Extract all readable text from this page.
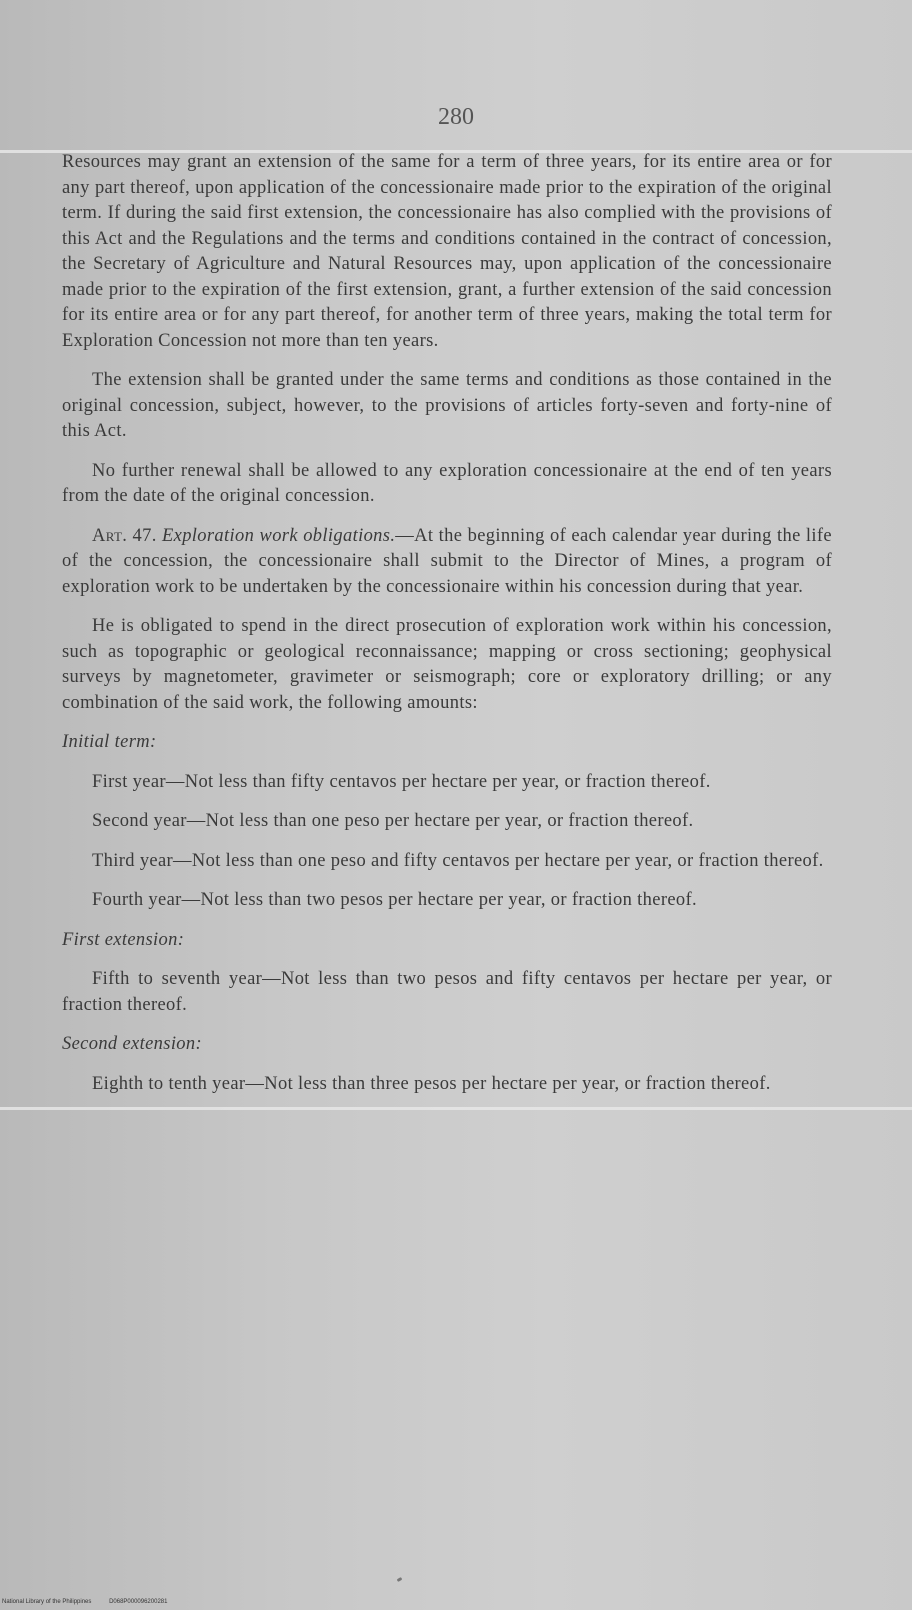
280

Resources may grant an extension of the same for a term of three years, for its entire area or for any part thereof, upon application of the concessionaire made prior to the expiration of the original term. If during the said first extension, the concessionaire has also complied with the provisions of this Act and the Regulations and the terms and conditions contained in the contract of concession, the Secretary of Agriculture and Natural Resources may, upon application of the concessionaire made prior to the expiration of the first extension, grant, a further extension of the said concession for its entire area or for any part thereof, for another term of three years, making the total term for Exploration Concession not more than ten years.

The extension shall be granted under the same terms and conditions as those contained in the original concession, subject, however, to the provisions of articles forty-seven and forty-nine of this Act.

No further renewal shall be allowed to any exploration concessionaire at the end of ten years from the date of the original concession.

Art. 47. Exploration work obligations.—At the beginning of each calendar year during the life of the concession, the concessionaire shall submit to the Director of Mines, a program of exploration work to be undertaken by the concessionaire within his concession during that year.

He is obligated to spend in the direct prosecution of exploration work within his concession, such as topographic or geological reconnaissance; mapping or cross sectioning; geophysical surveys by magnetometer, gravimeter or seismograph; core or exploratory drilling; or any combination of the said work, the following amounts:

Initial term:

First year—Not less than fifty centavos per hectare per year, or fraction thereof.

Second year—Not less than one peso per hectare per year, or fraction thereof.

Third year—Not less than one peso and fifty centavos per hectare per year, or fraction thereof.

Fourth year—Not less than two pesos per hectare per year, or fraction thereof.

First extension:

Fifth to seventh year—Not less than two pesos and fifty centavos per hectare per year, or fraction thereof.

Second extension:

Eighth to tenth year—Not less than three pesos per hectare per year, or fraction thereof.

National Library of the Philippines	D068P000096200281
